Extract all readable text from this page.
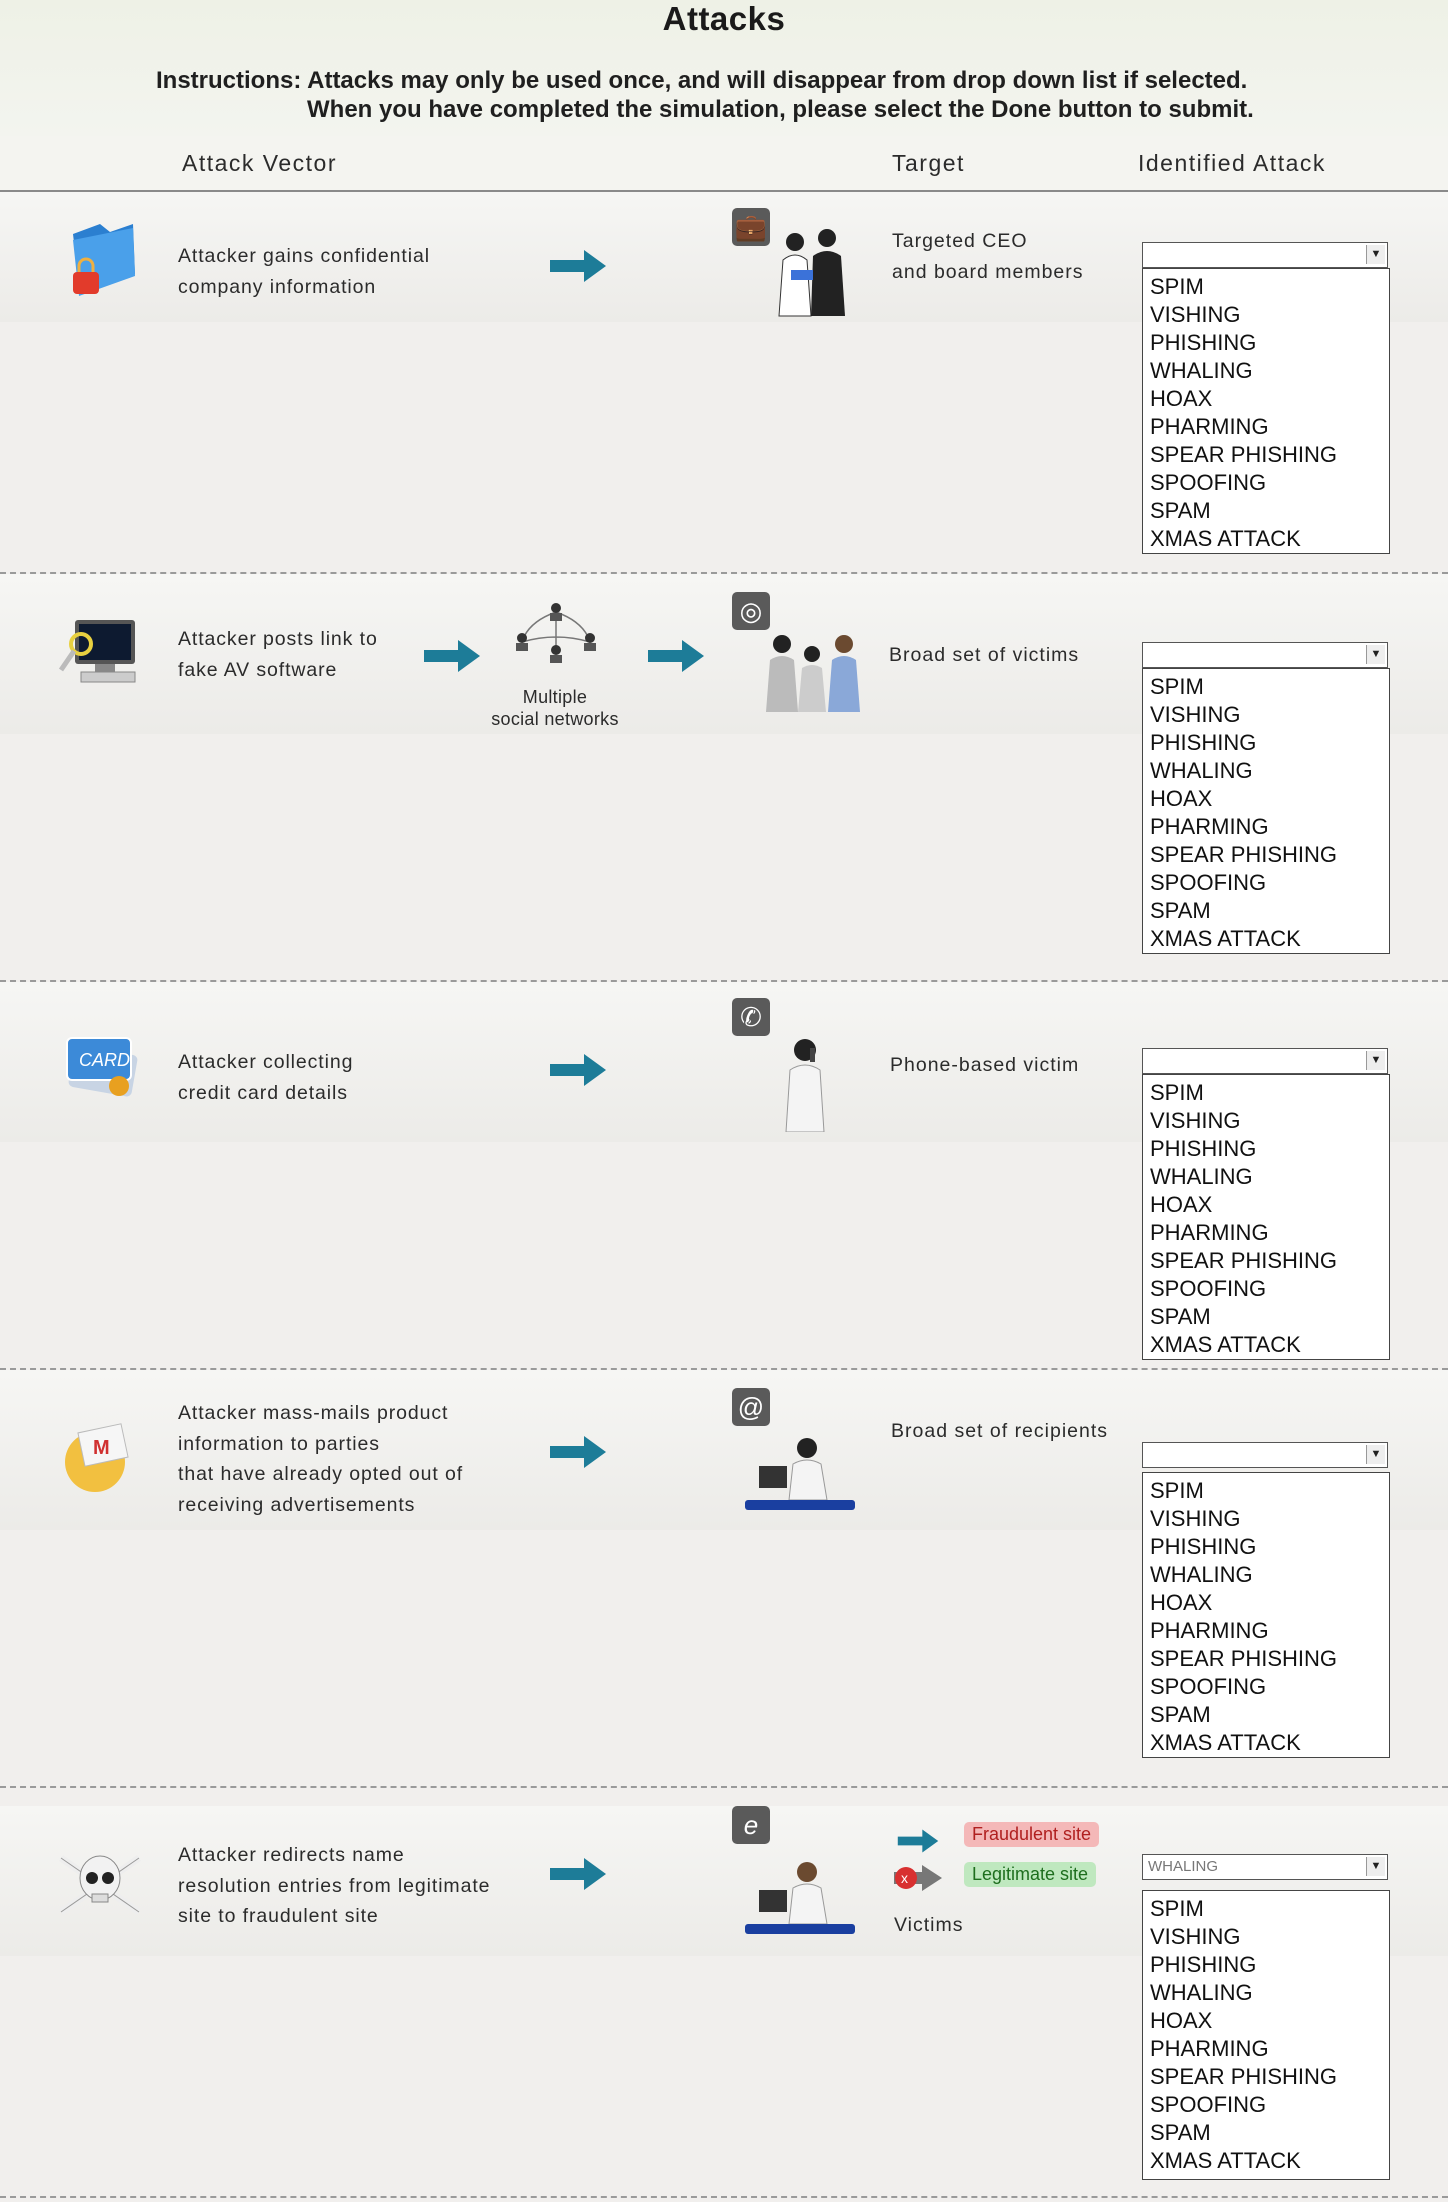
Attacks
Instructions: Attacks may only be used once, and will disappear from drop down list if selected.
When you have completed the simulation, please select the Done button to submit.
Attack Vector	Target	Identified Attack
Attacker gains confidential
company information
💼	Targeted CEO
and board members
▼
SPIM
VISHING
PHISHING
WHALING
HOAX
PHARMING
SPEAR PHISHING
SPOOFING
SPAM
XMAS ATTACK
Attacker posts link to
fake AV software
Multiple
social networks
◎
Broad set of victims	▼
SPIM
VISHING
PHISHING
WHALING
HOAX
PHARMING
SPEAR PHISHING
SPOOFING
SPAM
XMAS ATTACK
CARD Attacker collecting
credit card details
✆
Phone-based victim	▼
SPIM
VISHING
PHISHING
WHALING
HOAX
PHARMING
SPEAR PHISHING
SPOOFING
SPAM
XMAS ATTACK
M
Attacker mass-mails product
information to parties
that have already opted out of
receiving advertisements
@
Broad set of recipients
▼
SPIM
VISHING
PHISHING
WHALING
HOAX
PHARMING
SPEAR PHISHING
SPOOFING
SPAM
XMAS ATTACK
Attacker redirects name
resolution entries from legitimate
site to fraudulent site
e	Fraudulent site
x	Legitimate site
Victims
WHALING	▼
SPIM
VISHING
PHISHING
WHALING
HOAX
PHARMING
SPEAR PHISHING
SPOOFING
SPAM
XMAS ATTACK
